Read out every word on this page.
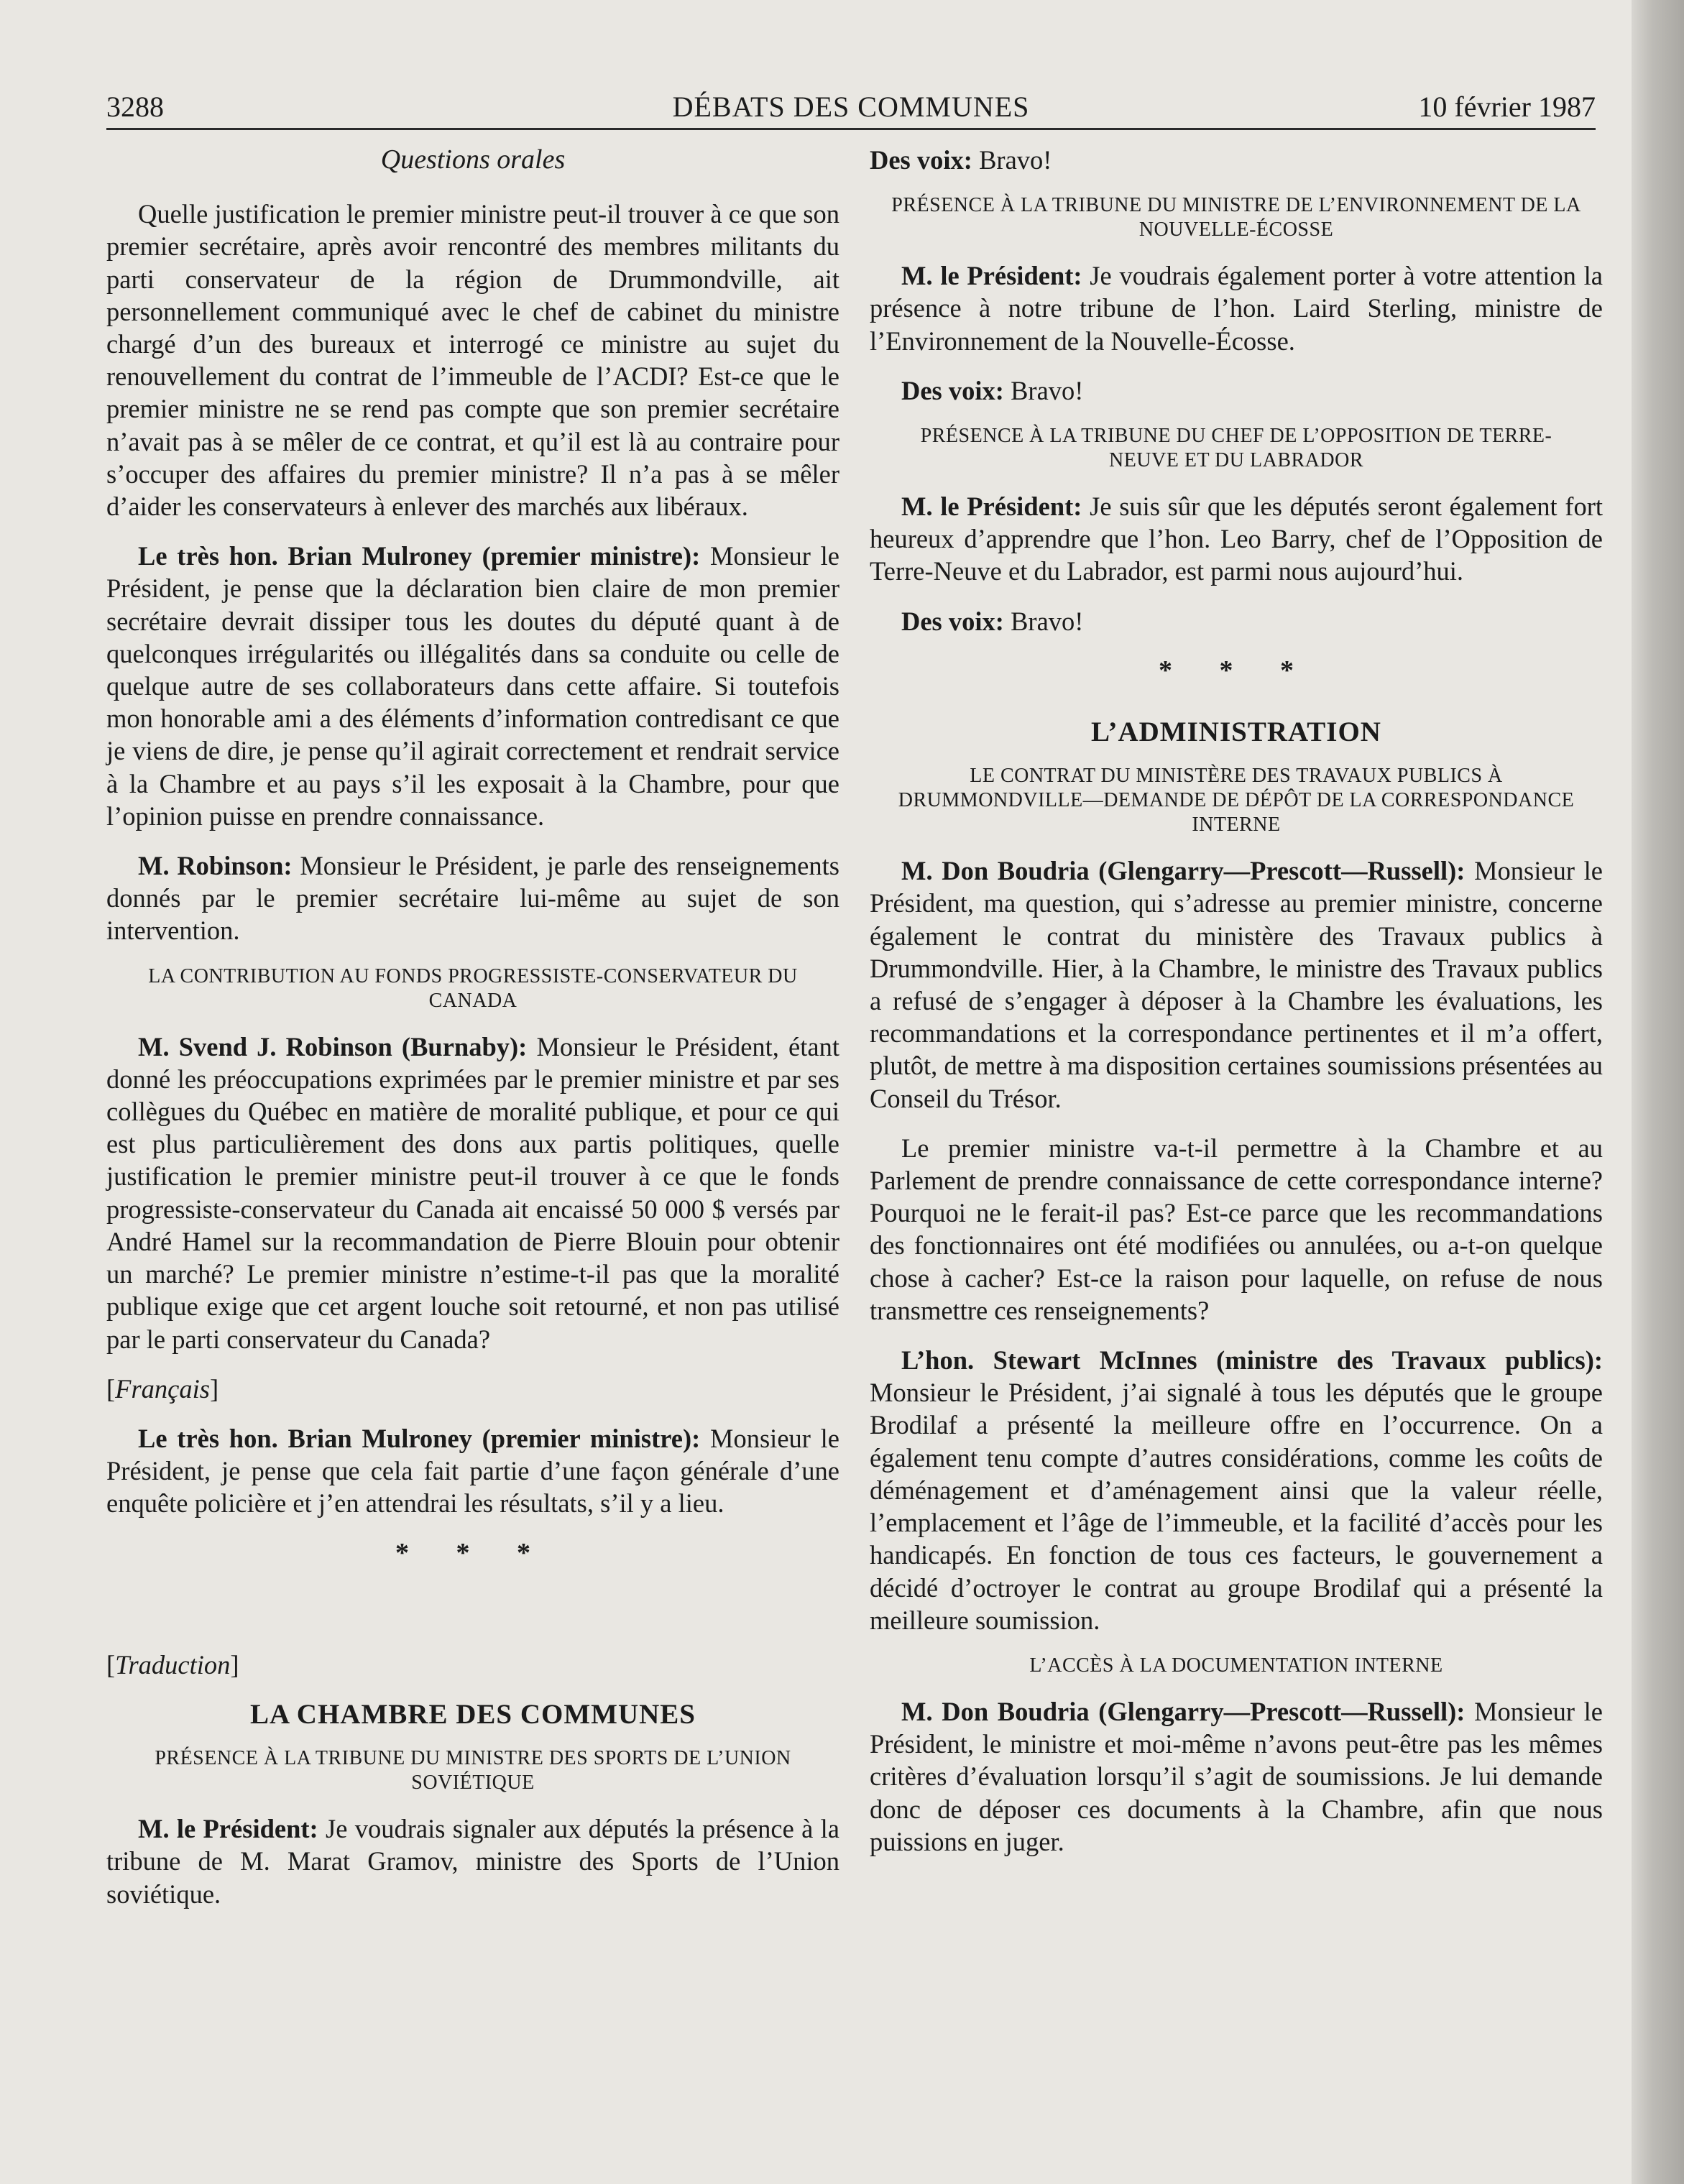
3288	DÉBATS DES COMMUNES	10 février 1987
Questions orales

Quelle justification le premier ministre peut-il trouver à ce que son premier secrétaire, après avoir rencontré des membres militants du parti conservateur de la région de Drummondville, ait personnellement communiqué avec le chef de cabinet du ministre chargé d’un des bureaux et interrogé ce ministre au sujet du renouvellement du contrat de l’immeuble de l’ACDI? Est-ce que le premier ministre ne se rend pas compte que son premier secrétaire n’avait pas à se mêler de ce contrat, et qu’il est là au contraire pour s’occuper des affaires du premier ministre? Il n’a pas à se mêler d’aider les conservateurs à enlever des marchés aux libéraux.

Le très hon. Brian Mulroney (premier ministre): Monsieur le Président, je pense que la déclaration bien claire de mon premier secrétaire devrait dissiper tous les doutes du député quant à de quelconques irrégularités ou illégalités dans sa conduite ou celle de quelque autre de ses collaborateurs dans cette affaire. Si toutefois mon honorable ami a des éléments d’information contredisant ce que je viens de dire, je pense qu’il agirait correctement et rendrait service à la Chambre et au pays s’il les exposait à la Chambre, pour que l’opinion puisse en prendre connaissance.

M. Robinson: Monsieur le Président, je parle des renseignements donnés par le premier secrétaire lui-même au sujet de son intervention.

LA CONTRIBUTION AU FONDS PROGRESSISTE-CONSERVATEUR DU CANADA

M. Svend J. Robinson (Burnaby): Monsieur le Président, étant donné les préoccupations exprimées par le premier ministre et par ses collègues du Québec en matière de moralité publique, et pour ce qui est plus particulièrement des dons aux partis politiques, quelle justification le premier ministre peut-il trouver à ce que le fonds progressiste-conservateur du Canada ait encaissé 50 000 $ versés par André Hamel sur la recommandation de Pierre Blouin pour obtenir un marché? Le premier ministre n’estime-t-il pas que la moralité publique exige que cet argent louche soit retourné, et non pas utilisé par le parti conservateur du Canada?

[Français]

Le très hon. Brian Mulroney (premier ministre): Monsieur le Président, je pense que cela fait partie d’une façon générale d’une enquête policière et j’en attendrai les résultats, s’il y a lieu.

* * *
[Traduction]
LA CHAMBRE DES COMMUNES
PRÉSENCE À LA TRIBUNE DU MINISTRE DES SPORTS DE L’UNION SOVIÉTIQUE

M. le Président: Je voudrais signaler aux députés la présence à la tribune de M. Marat Gramov, ministre des Sports de l’Union soviétique.

Des voix: Bravo!

PRÉSENCE À LA TRIBUNE DU MINISTRE DE L’ENVIRONNEMENT DE LA NOUVELLE-ÉCOSSE

M. le Président: Je voudrais également porter à votre attention la présence à notre tribune de l’hon. Laird Sterling, ministre de l’Environnement de la Nouvelle-Écosse.

Des voix: Bravo!

PRÉSENCE À LA TRIBUNE DU CHEF DE L’OPPOSITION DE TERRE-NEUVE ET DU LABRADOR

M. le Président: Je suis sûr que les députés seront également fort heureux d’apprendre que l’hon. Leo Barry, chef de l’Opposition de Terre-Neuve et du Labrador, est parmi nous aujourd’hui.

Des voix: Bravo!

* * *
L’ADMINISTRATION
LE CONTRAT DU MINISTÈRE DES TRAVAUX PUBLICS À DRUMMONDVILLE—DEMANDE DE DÉPÔT DE LA CORRESPONDANCE INTERNE

M. Don Boudria (Glengarry—Prescott—Russell): Monsieur le Président, ma question, qui s’adresse au premier ministre, concerne également le contrat du ministère des Travaux publics à Drummondville. Hier, à la Chambre, le ministre des Travaux publics a refusé de s’engager à déposer à la Chambre les évaluations, les recommandations et la correspondance pertinentes et il m’a offert, plutôt, de mettre à ma disposition certaines soumissions présentées au Conseil du Trésor.

Le premier ministre va-t-il permettre à la Chambre et au Parlement de prendre connaissance de cette correspondance interne? Pourquoi ne le ferait-il pas? Est-ce parce que les recommandations des fonctionnaires ont été modifiées ou annulées, ou a-t-on quelque chose à cacher? Est-ce la raison pour laquelle, on refuse de nous transmettre ces renseignements?

L’hon. Stewart McInnes (ministre des Travaux publics): Monsieur le Président, j’ai signalé à tous les députés que le groupe Brodilaf a présenté la meilleure offre en l’occurrence. On a également tenu compte d’autres considérations, comme les coûts de déménagement et d’aménagement ainsi que la valeur réelle, l’emplacement et l’âge de l’immeuble, et la facilité d’accès pour les handicapés. En fonction de tous ces facteurs, le gouvernement a décidé d’octroyer le contrat au groupe Brodilaf qui a présenté la meilleure soumission.

L’ACCÈS À LA DOCUMENTATION INTERNE

M. Don Boudria (Glengarry—Prescott—Russell): Monsieur le Président, le ministre et moi-même n’avons peut-être pas les mêmes critères d’évaluation lorsqu’il s’agit de soumissions. Je lui demande donc de déposer ces documents à la Chambre, afin que nous puissions en juger.
